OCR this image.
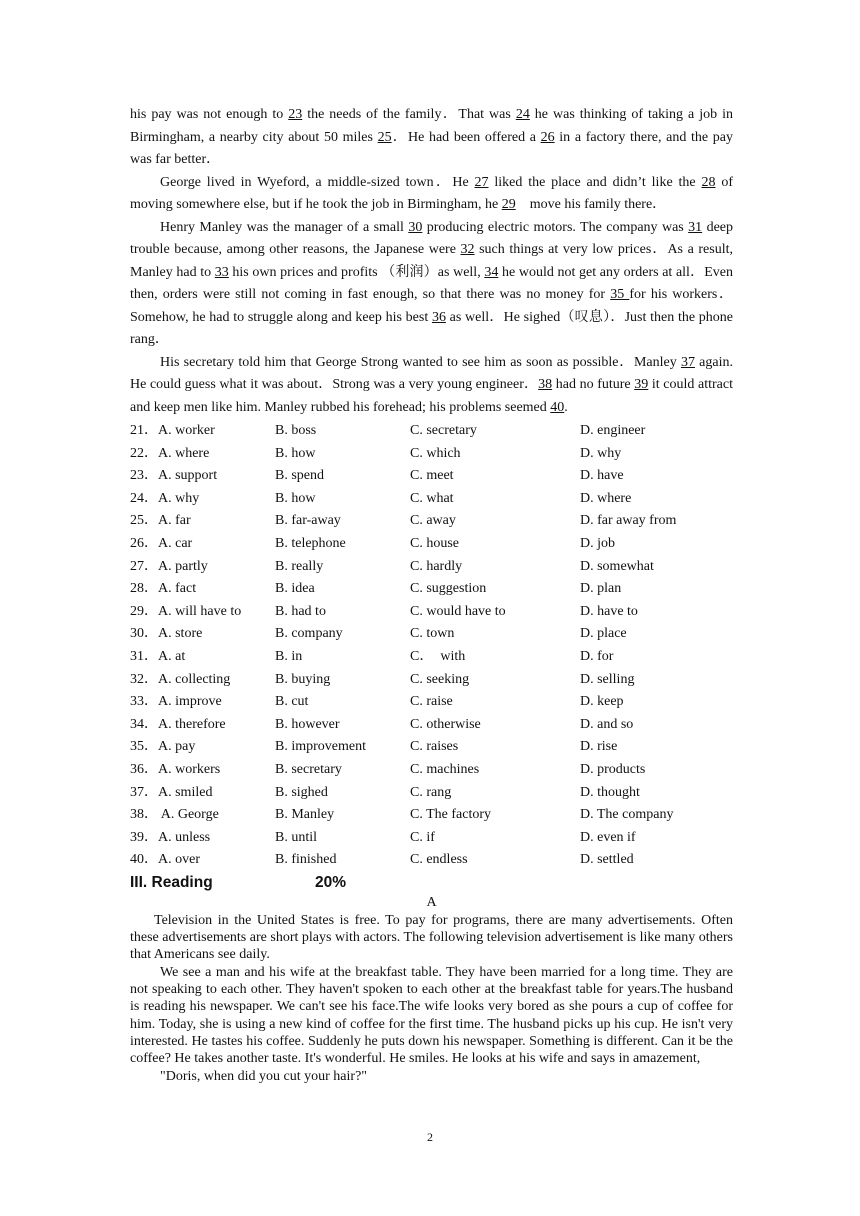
his pay was not enough to 23 the needs of the family．That was 24 he was thinking of taking a job in Birmingham, a nearby city about 50 miles 25．He had been offered a 26 in a factory there, and the pay was far better．

George lived in Wyeford, a middle-sized town．He 27 liked the place and didn’t like the 28 of moving somewhere else, but if he took the job in Birmingham, he 29    move his family there．

Henry Manley was the manager of a small 30 producing electric motors. The company was 31 deep trouble because, among other reasons, the Japanese were 32 such things at very low prices．As a result, Manley had to 33 his own prices and profits （利润）as well, 34 he would not get any orders at all．Even then, orders were still not coming in fast enough, so that there was no money for 35 for his workers．Somehow, he had to struggle along and keep his best 36 as well．He sighed（叹息）．Just then the phone rang．

His secretary told him that George Strong wanted to see him as soon as possible．Manley 37 again. He could guess what it was about．Strong was a very young engineer．38 had no future 39 it could attract and keep men like him. Manley rubbed his forehead; his problems seemed 40.

21．A. worker	B. boss	C. secretary	D. engineer
22．A. where	B. how	C. which	D. why
23．A. support	B. spend	C. meet	D. have
24．A. why	B. how	C. what	D. where
25．A. far	B. far-away	C. away	D. far away from
26．A. car	B. telephone	C. house	D. job
27．A. partly	B. really	C. hardly	D. somewhat
28．A. fact	B. idea	C. suggestion	D. plan
29．A. will have to B. had to	C. would have to	D. have to
30．A. store	B. company	C. town	D. place
31．A. at	B. in	C．  with	D. for
32．A. collecting	B. buying	C. seeking	D. selling
33．A. improve	B. cut	C. raise	D. keep
34．A. therefore	B. however	C. otherwise	D. and so
35．A. pay	B. improvement	C. raises	D. rise
36．A. workers	B. secretary	C. machines	D. products
37．A. smiled	B. sighed	C. rang	D. thought
38． A. George	B. Manley	C. The factory	D. The company
39．A. unless	B. until	C. if	D. even if
40．A. over	B. finished	C. endless	D. settled
III. Reading	20%
A

Television in the United States is free. To pay for programs, there are many advertisements. Often these advertisements are short plays with actors. The following television advertisement is like many others that Americans see daily.

We see a man and his wife at the breakfast table. They have been married for a long time. They are not speaking to each other. They haven't spoken to each other at the breakfast table for years.The husband is reading his newspaper. We can't see his face.The wife looks very bored as she pours a cup of coffee for him. Today, she is using a new kind of coffee for the first time. The husband picks up his cup. He isn't very interested. He tastes his coffee. Suddenly he puts down his newspaper. Something is different. Can it be the coffee? He takes another taste. It's wonderful. He smiles. He looks at his wife and says in amazement,

"Doris, when did you cut your hair?"

2
